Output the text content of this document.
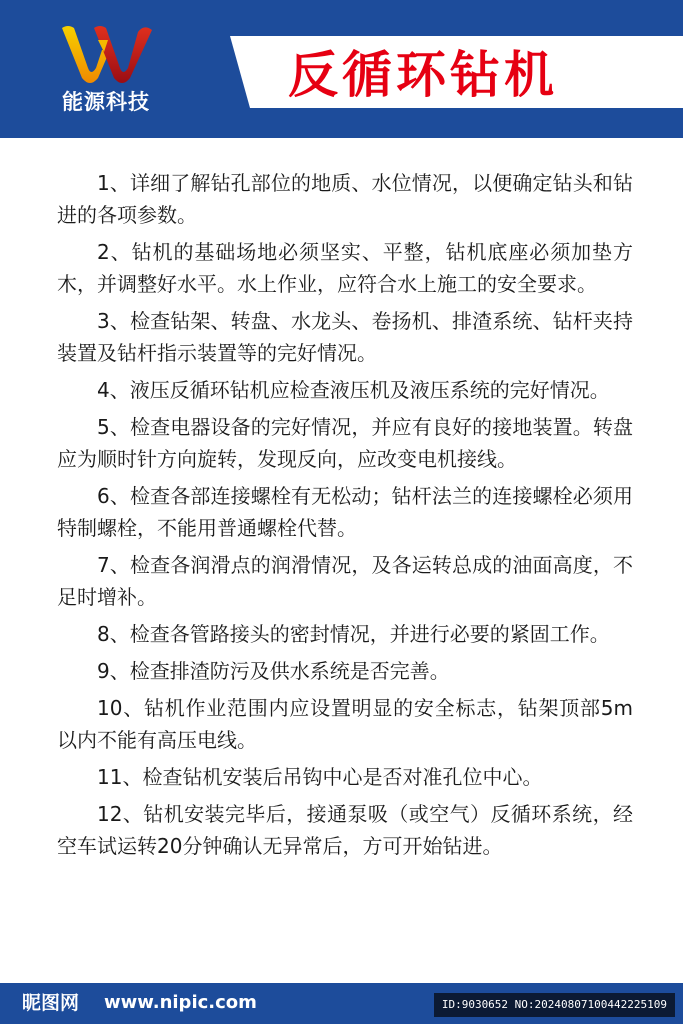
能源科技	反循环钻机

1、详细了解钻孔部位的地质、水位情况，以便确定钻头和钻进的各项参数。

2、钻机的基础场地必须坚实、平整，钻机底座必须加垫方木，并调整好水平。水上作业，应符合水上施工的安全要求。

3、检查钻架、转盘、水龙头、卷扬机、排渣系统、钻杆夹持装置及钻杆指示装置等的完好情况。

4、液压反循环钻机应检查液压机及液压系统的完好情况。

5、检查电器设备的完好情况，并应有良好的接地装置。转盘应为顺时针方向旋转，发现反向，应改变电机接线。

6、检查各部连接螺栓有无松动；钻杆法兰的连接螺栓必须用特制螺栓，不能用普通螺栓代替。

7、检查各润滑点的润滑情况，及各运转总成的油面高度，不足时增补。

8、检查各管路接头的密封情况，并进行必要的紧固工作。

9、检查排渣防污及供水系统是否完善。

10、钻机作业范围内应设置明显的安全标志，钻架顶部5m以内不能有高压电线。

11、检查钻机安装后吊钩中心是否对准孔位中心。

12、钻机安装完毕后，接通泵吸（或空气）反循环系统，经空车试运转20分钟确认无异常后，方可开始钻进。

昵图网 www.nipic.com	ID:9030652 NO:20240807100442225109
